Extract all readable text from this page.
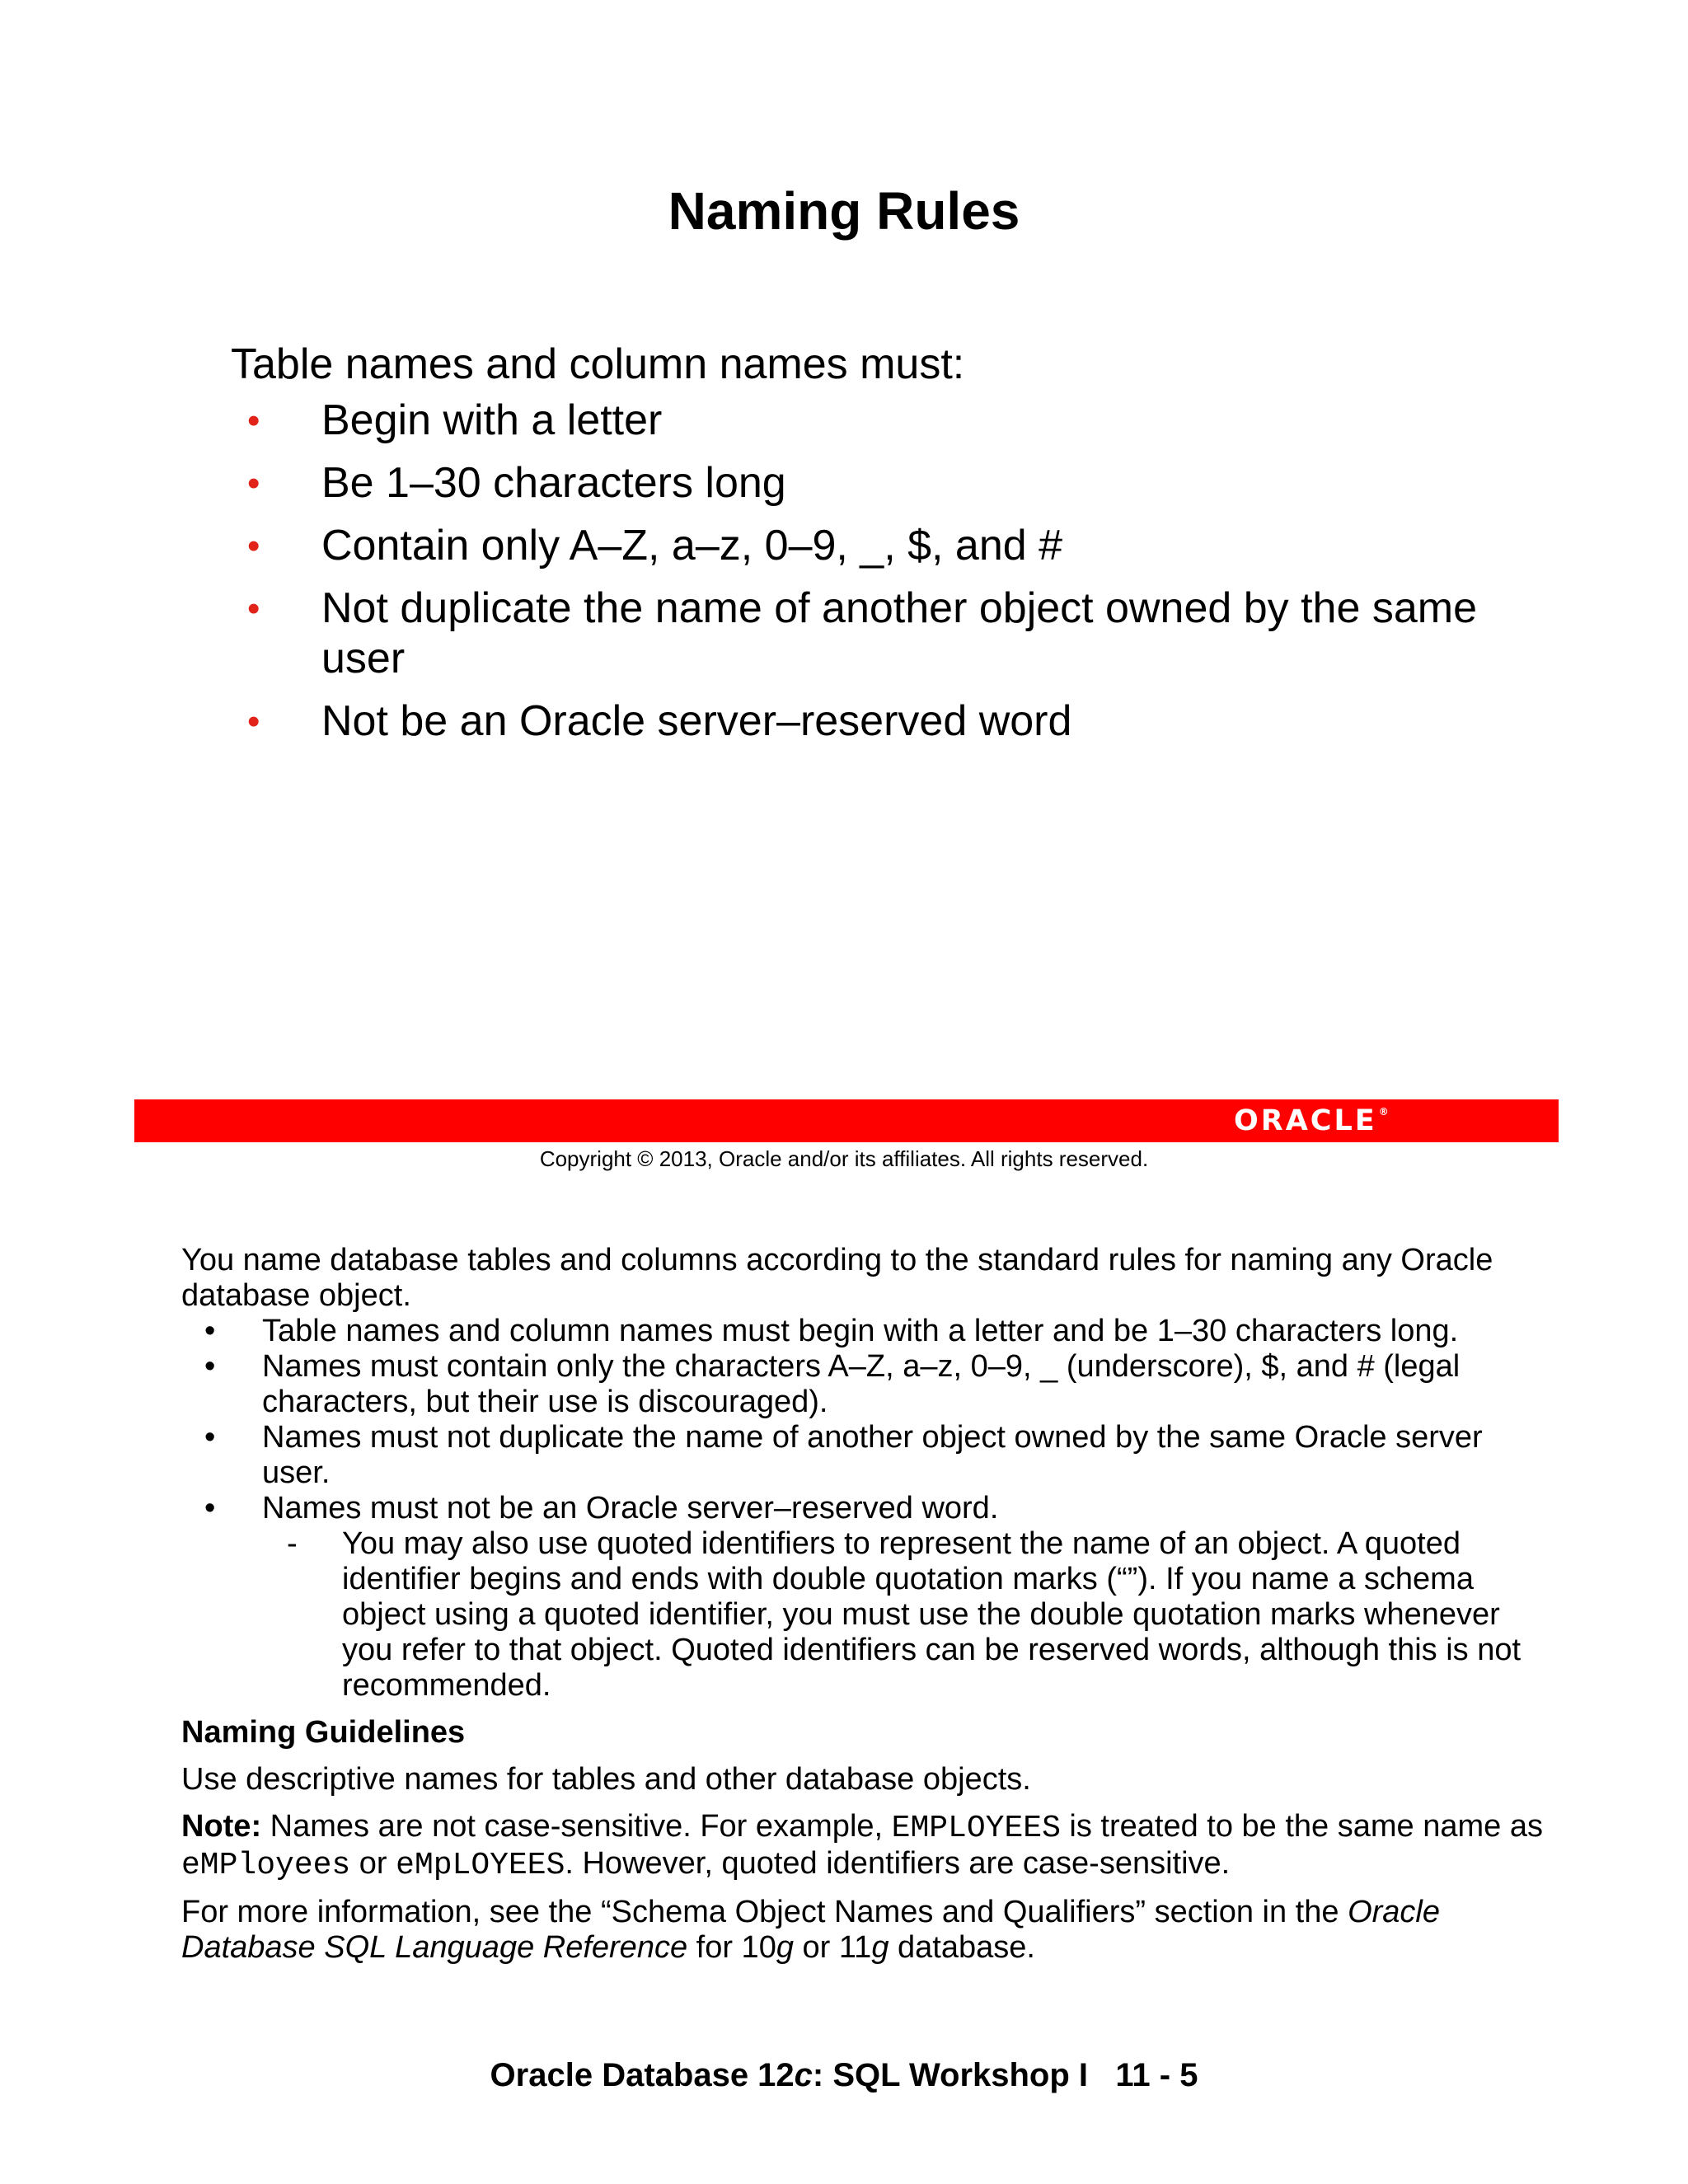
Naming Rules
Table names and column names must:
• Begin with a letter
• Be 1–30 characters long
• Contain only A–Z, a–z, 0–9, _, $, and #
• Not duplicate the name of another object owned by the same user
• Not be an Oracle server–reserved word
ORACLE ®
Copyright © 2013, Oracle and/or its affiliates. All rights reserved.

You name database tables and columns according to the standard rules for naming any Oracle database object.

• Table names and column names must begin with a letter and be 1–30 characters long.
• Names must contain only the characters A–Z, a–z, 0–9, _ (underscore), $, and # (legal characters, but their use is discouraged).
• Names must not duplicate the name of another object owned by the same Oracle server user.
• Names must not be an Oracle server–reserved word.
- You may also use quoted identifiers to represent the name of an object. A quoted identifier begins and ends with double quotation marks (“”). If you name a schema object using a quoted identifier, you must use the double quotation marks whenever you refer to that object. Quoted identifiers can be reserved words, although this is not recommended.

Naming Guidelines

Use descriptive names for tables and other database objects.

Note: Names are not case-sensitive. For example, EMPLOYEES is treated to be the same name as eMPloyees or eMpLOYEES. However, quoted identifiers are case-sensitive.

For more information, see the “Schema Object Names and Qualifiers” section in the Oracle Database SQL Language Reference for 10g or 11g database.

Oracle Database 12c: SQL Workshop I   11 - 5
